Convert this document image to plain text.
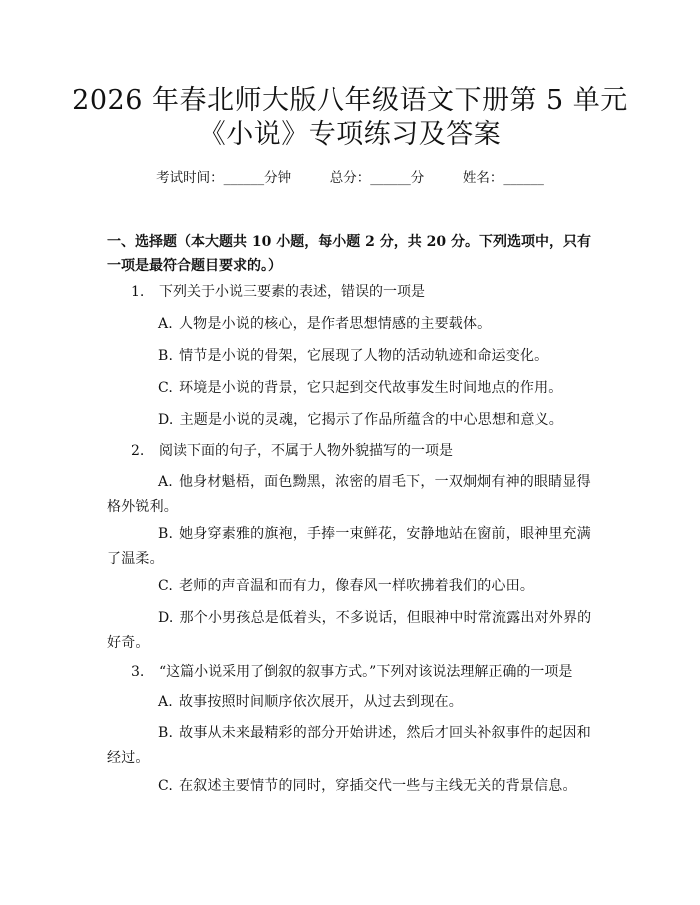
2026 年春北师大版八年级语文下册第 5 单元
《小说》专项练习及答案
考试时间：______分钟	总分：______分	姓名：______
一、选择题（本大题共 10 小题，每小题 2 分，共 20 分。下列选项中，只有一项是最符合题目要求的。）
1. 下列关于小说三要素的表述，错误的一项是
A. 人物是小说的核心，是作者思想情感的主要载体。
B. 情节是小说的骨架，它展现了人物的活动轨迹和命运变化。
C. 环境是小说的背景，它只起到交代故事发生时间地点的作用。
D. 主题是小说的灵魂，它揭示了作品所蕴含的中心思想和意义。
2. 阅读下面的句子，不属于人物外貌描写的一项是
A. 他身材魁梧，面色黝黑，浓密的眉毛下，一双炯炯有神的眼睛显得格外锐利。
B. 她身穿素雅的旗袍，手捧一束鲜花，安静地站在窗前，眼神里充满了温柔。
C. 老师的声音温和而有力，像春风一样吹拂着我们的心田。
D. 那个小男孩总是低着头，不多说话，但眼神中时常流露出对外界的好奇。
3. “这篇小说采用了倒叙的叙事方式。”下列对该说法理解正确的一项是
A. 故事按照时间顺序依次展开，从过去到现在。
B. 故事从未来最精彩的部分开始讲述，然后才回头补叙事件的起因和经过。
C. 在叙述主要情节的同时，穿插交代一些与主线无关的背景信息。
